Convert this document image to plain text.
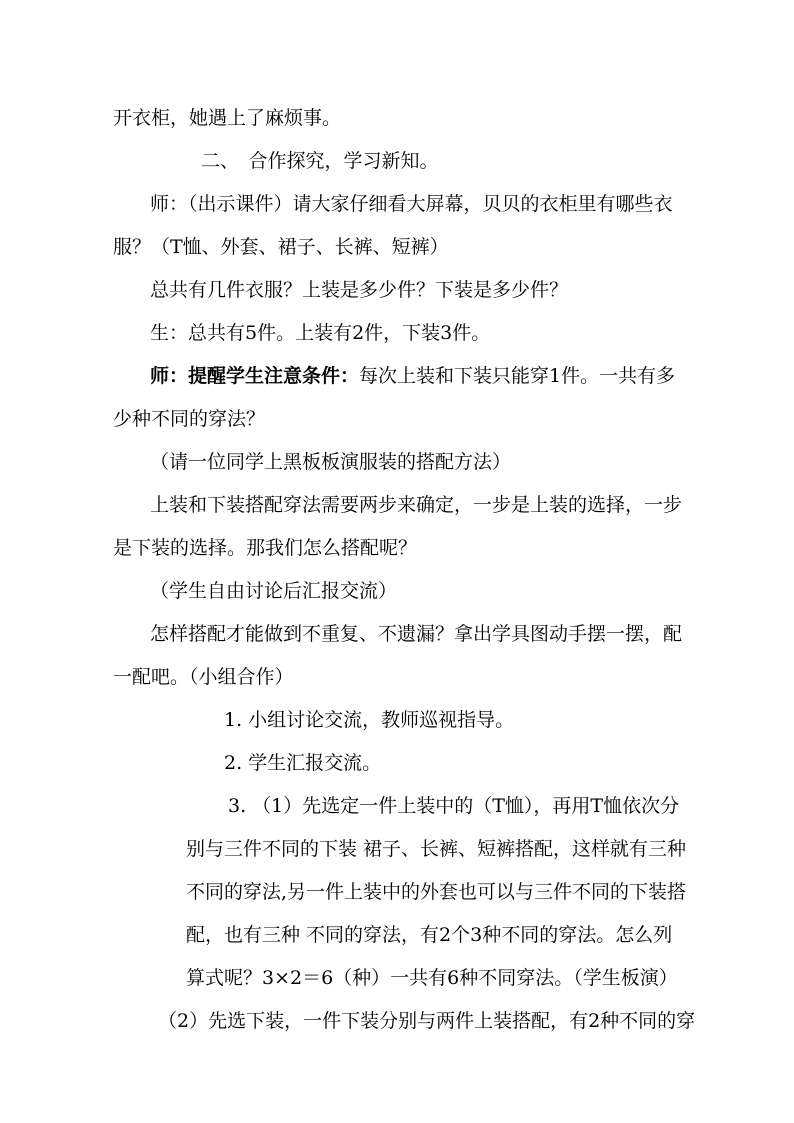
开衣柜，她遇上了麻烦事。
二、　合作探究，学习新知。
师：（出示课件）请大家仔细看大屏幕，贝贝的衣柜里有哪些衣
服？（T恤、外套、裙子、长裤、短裤）
总共有几件衣服？上装是多少件？下装是多少件？
生：总共有5件。上装有2件，下装3件。
师：提醒学生注意条件：每次上装和下装只能穿1件。一共有多
少种不同的穿法？
（请一位同学上黑板板演服装的搭配方法）
上装和下装搭配穿法需要两步来确定，一步是上装的选择，一步
是下装的选择。那我们怎么搭配呢？
（学生自由讨论后汇报交流）
怎样搭配才能做到不重复、不遗漏？拿出学具图动手摆一摆，配
一配吧。（小组合作）
1. 小组讨论交流，教师巡视指导。
2. 学生汇报交流。
3. （1）先选定一件上装中的（T恤），再用T恤依次分
别与三件不同的下装 裙子、长裤、短裤搭配，这样就有三种
不同的穿法,另一件上装中的外套也可以与三件不同的下装搭
配，也有三种 不同的穿法，有2个3种不同的穿法。怎么列
算式呢？3×2＝6（种）一共有6种不同穿法。（学生板演）
（2）先选下装，一件下装分别与两件上装搭配，有2种不同的穿
